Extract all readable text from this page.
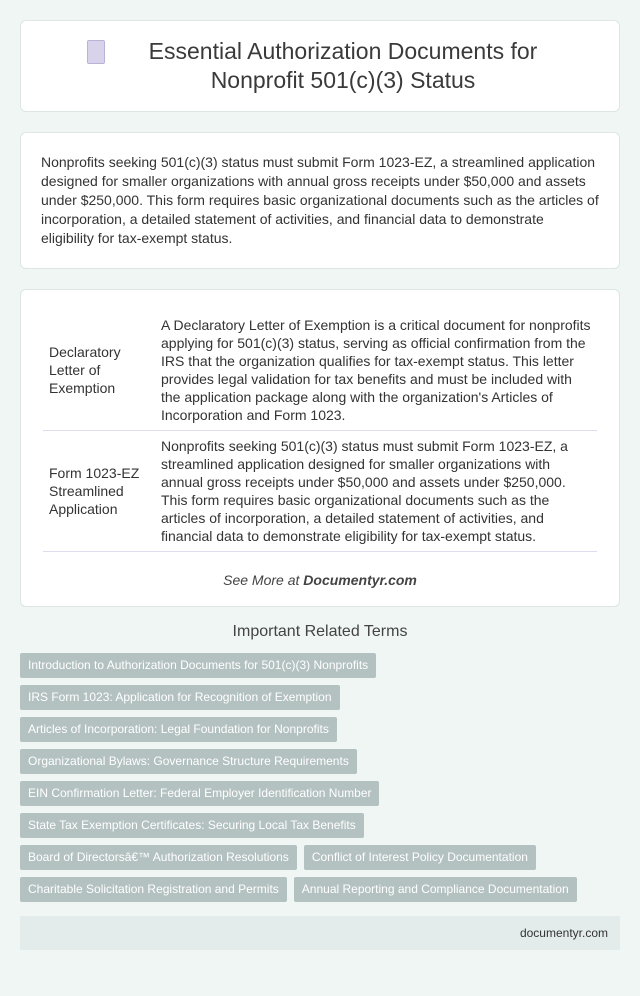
Essential Authorization Documents for Nonprofit 501(c)(3) Status
Nonprofits seeking 501(c)(3) status must submit Form 1023-EZ, a streamlined application designed for smaller organizations with annual gross receipts under $50,000 and assets under $250,000. This form requires basic organizational documents such as the articles of incorporation, a detailed statement of activities, and financial data to demonstrate eligibility for tax-exempt status.
Declaratory Letter of Exemption	A Declaratory Letter of Exemption is a critical document for nonprofits applying for 501(c)(3) status, serving as official confirmation from the IRS that the organization qualifies for tax-exempt status. This letter provides legal validation for tax benefits and must be included with the application package along with the organization's Articles of Incorporation and Form 1023.
Form 1023-EZ Streamlined Application	Nonprofits seeking 501(c)(3) status must submit Form 1023-EZ, a streamlined application designed for smaller organizations with annual gross receipts under $50,000 and assets under $250,000. This form requires basic organizational documents such as the articles of incorporation, a detailed statement of activities, and financial data to demonstrate eligibility for tax-exempt status.
See More at Documentyr.com
Important Related Terms
Introduction to Authorization Documents for 501(c)(3) Nonprofits
IRS Form 1023: Application for Recognition of Exemption
Articles of Incorporation: Legal Foundation for Nonprofits
Organizational Bylaws: Governance Structure Requirements
EIN Confirmation Letter: Federal Employer Identification Number
State Tax Exemption Certificates: Securing Local Tax Benefits
Board of Directorsâ€™ Authorization Resolutions	Conflict of Interest Policy Documentation
Charitable Solicitation Registration and Permits	Annual Reporting and Compliance Documentation
documentyr.com
